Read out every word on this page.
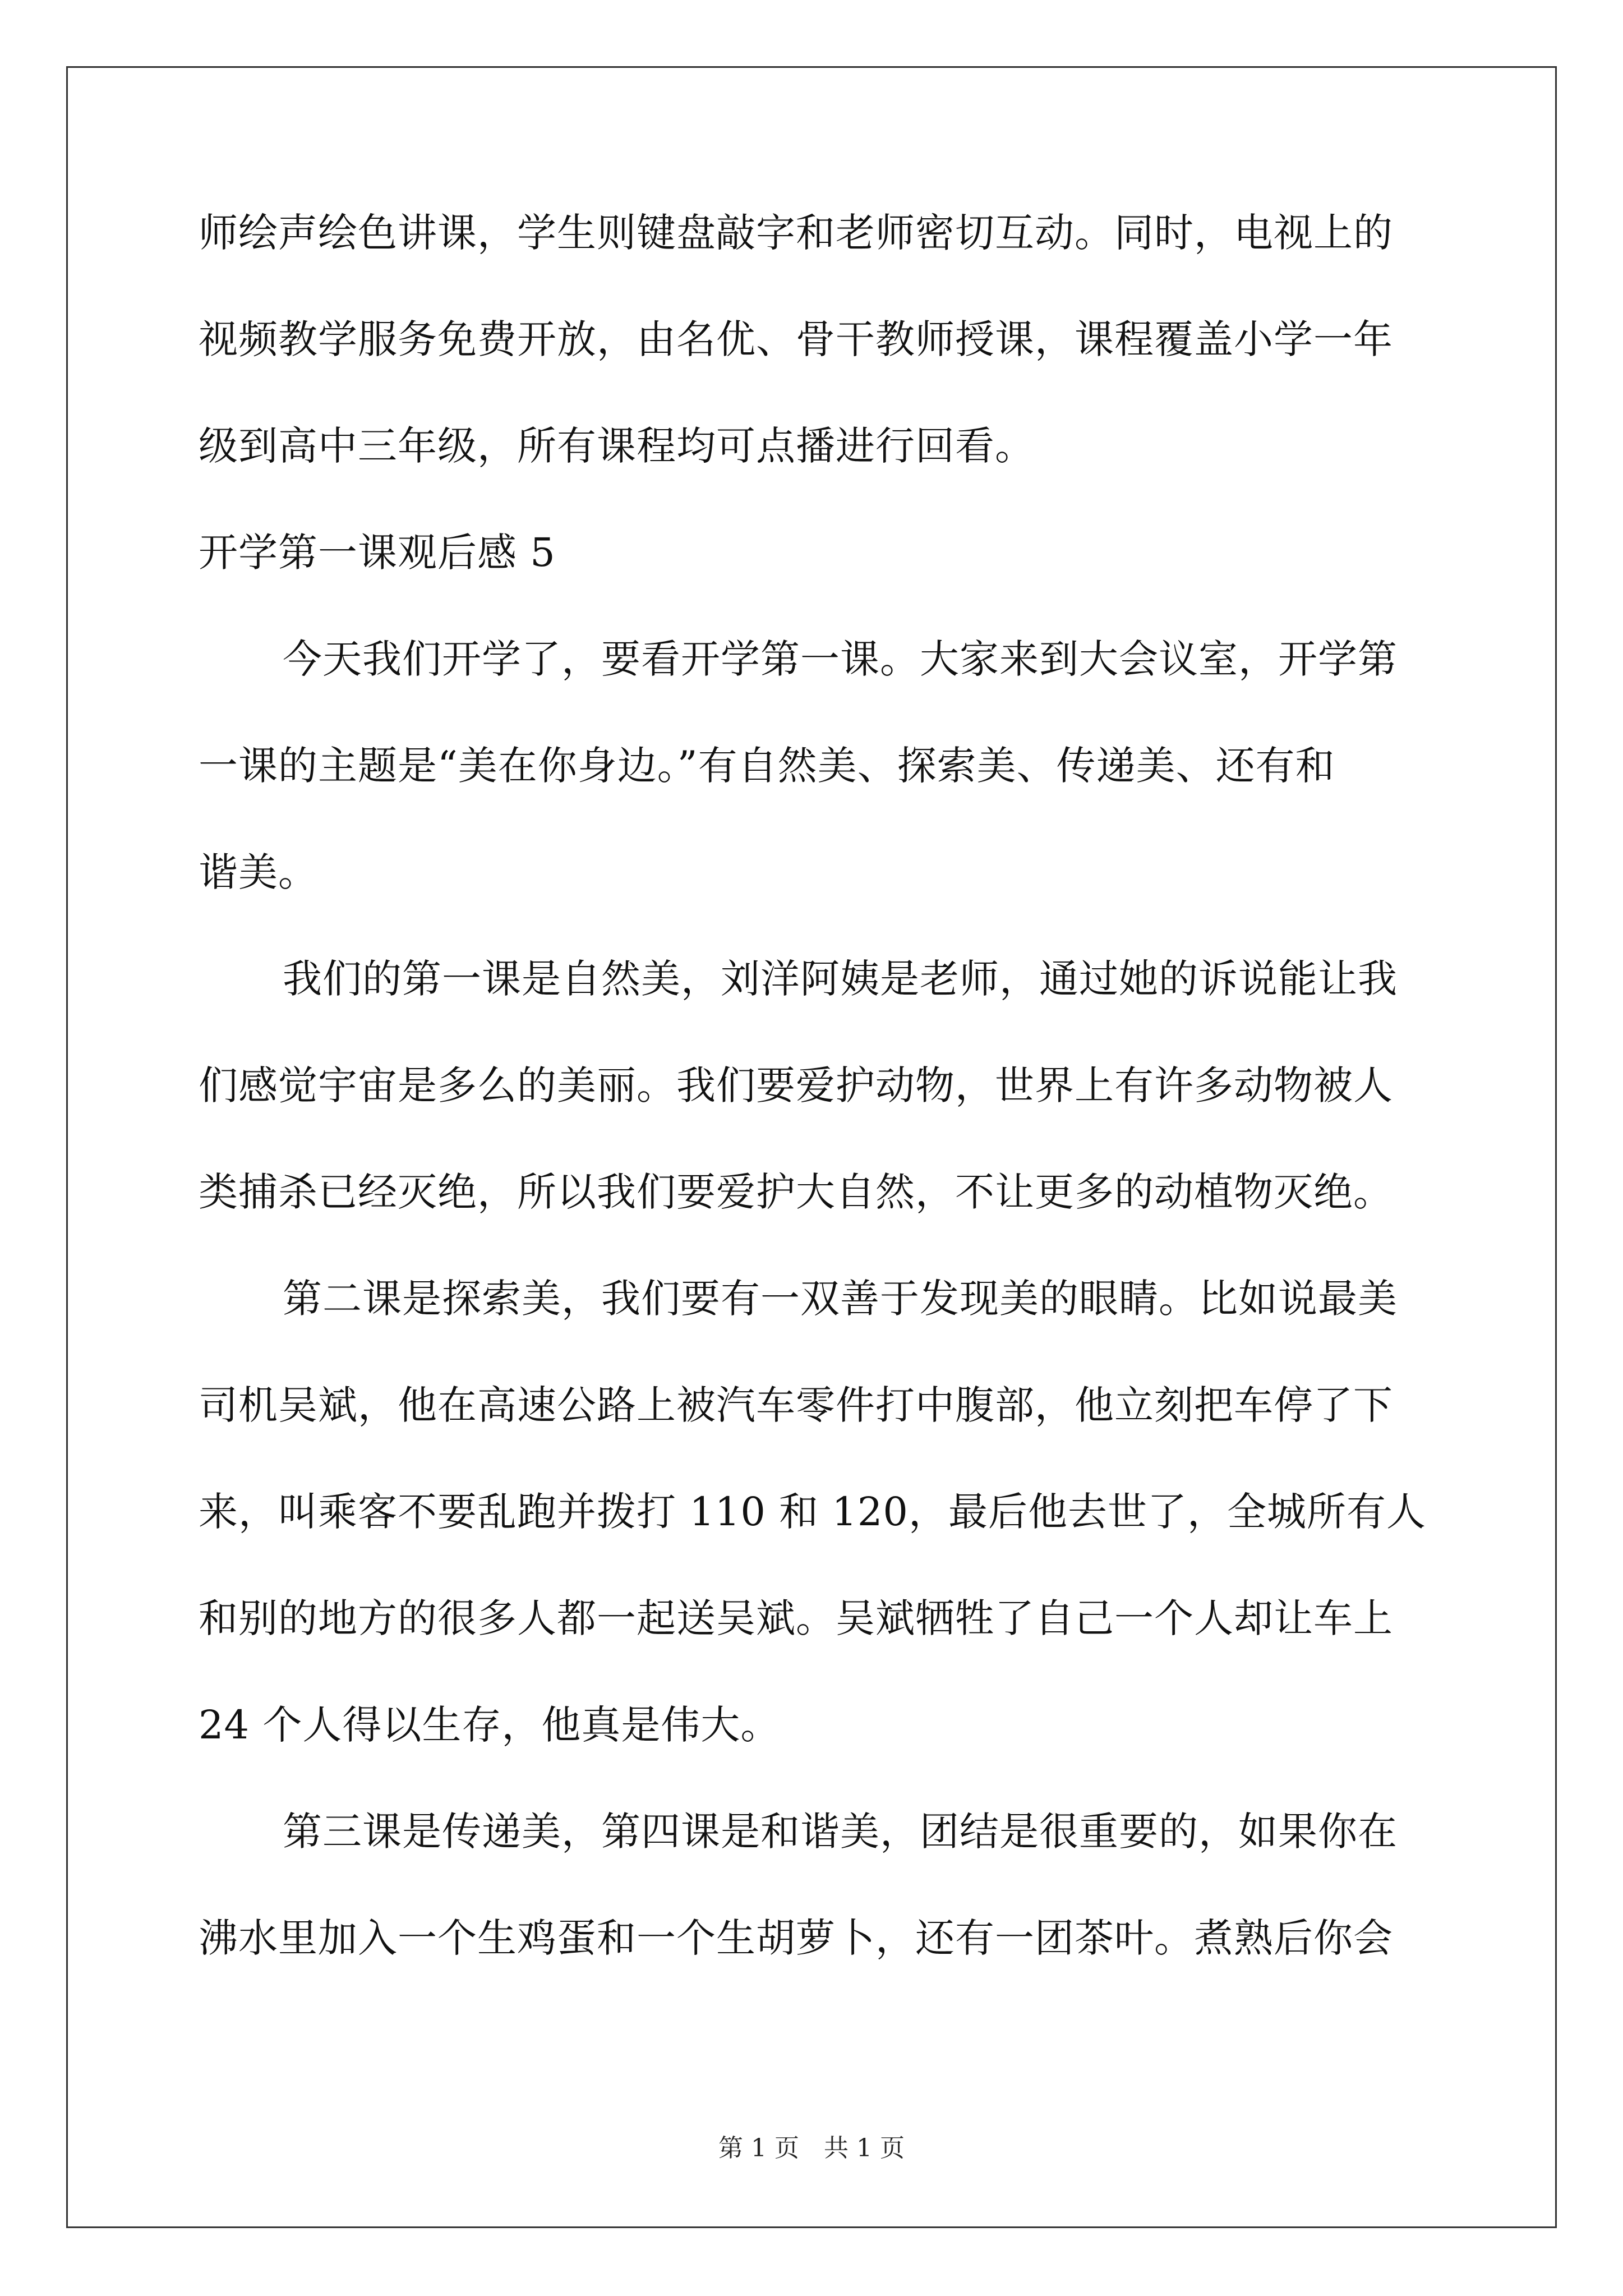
师绘声绘色讲课，学生则键盘敲字和老师密切互动。同时，电视上的
视频教学服务免费开放，由名优、骨干教师授课，课程覆盖小学一年
级到高中三年级，所有课程均可点播进行回看。
开学第一课观后感 5
今天我们开学了，要看开学第一课。大家来到大会议室，开学第
一课的主题是“美在你身边。”有自然美、探索美、传递美、还有和
谐美。
我们的第一课是自然美，刘洋阿姨是老师，通过她的诉说能让我
们感觉宇宙是多么的美丽。我们要爱护动物，世界上有许多动物被人
类捕杀已经灭绝，所以我们要爱护大自然，不让更多的动植物灭绝。
第二课是探索美，我们要有一双善于发现美的眼睛。比如说最美
司机吴斌，他在高速公路上被汽车零件打中腹部，他立刻把车停了下
来，叫乘客不要乱跑并拨打 110 和 120，最后他去世了，全城所有人
和别的地方的很多人都一起送吴斌。吴斌牺牲了自己一个人却让车上
24 个人得以生存，他真是伟大。
第三课是传递美，第四课是和谐美，团结是很重要的，如果你在
沸水里加入一个生鸡蛋和一个生胡萝卜，还有一团茶叶。煮熟后你会
第 1 页　共 1 页
